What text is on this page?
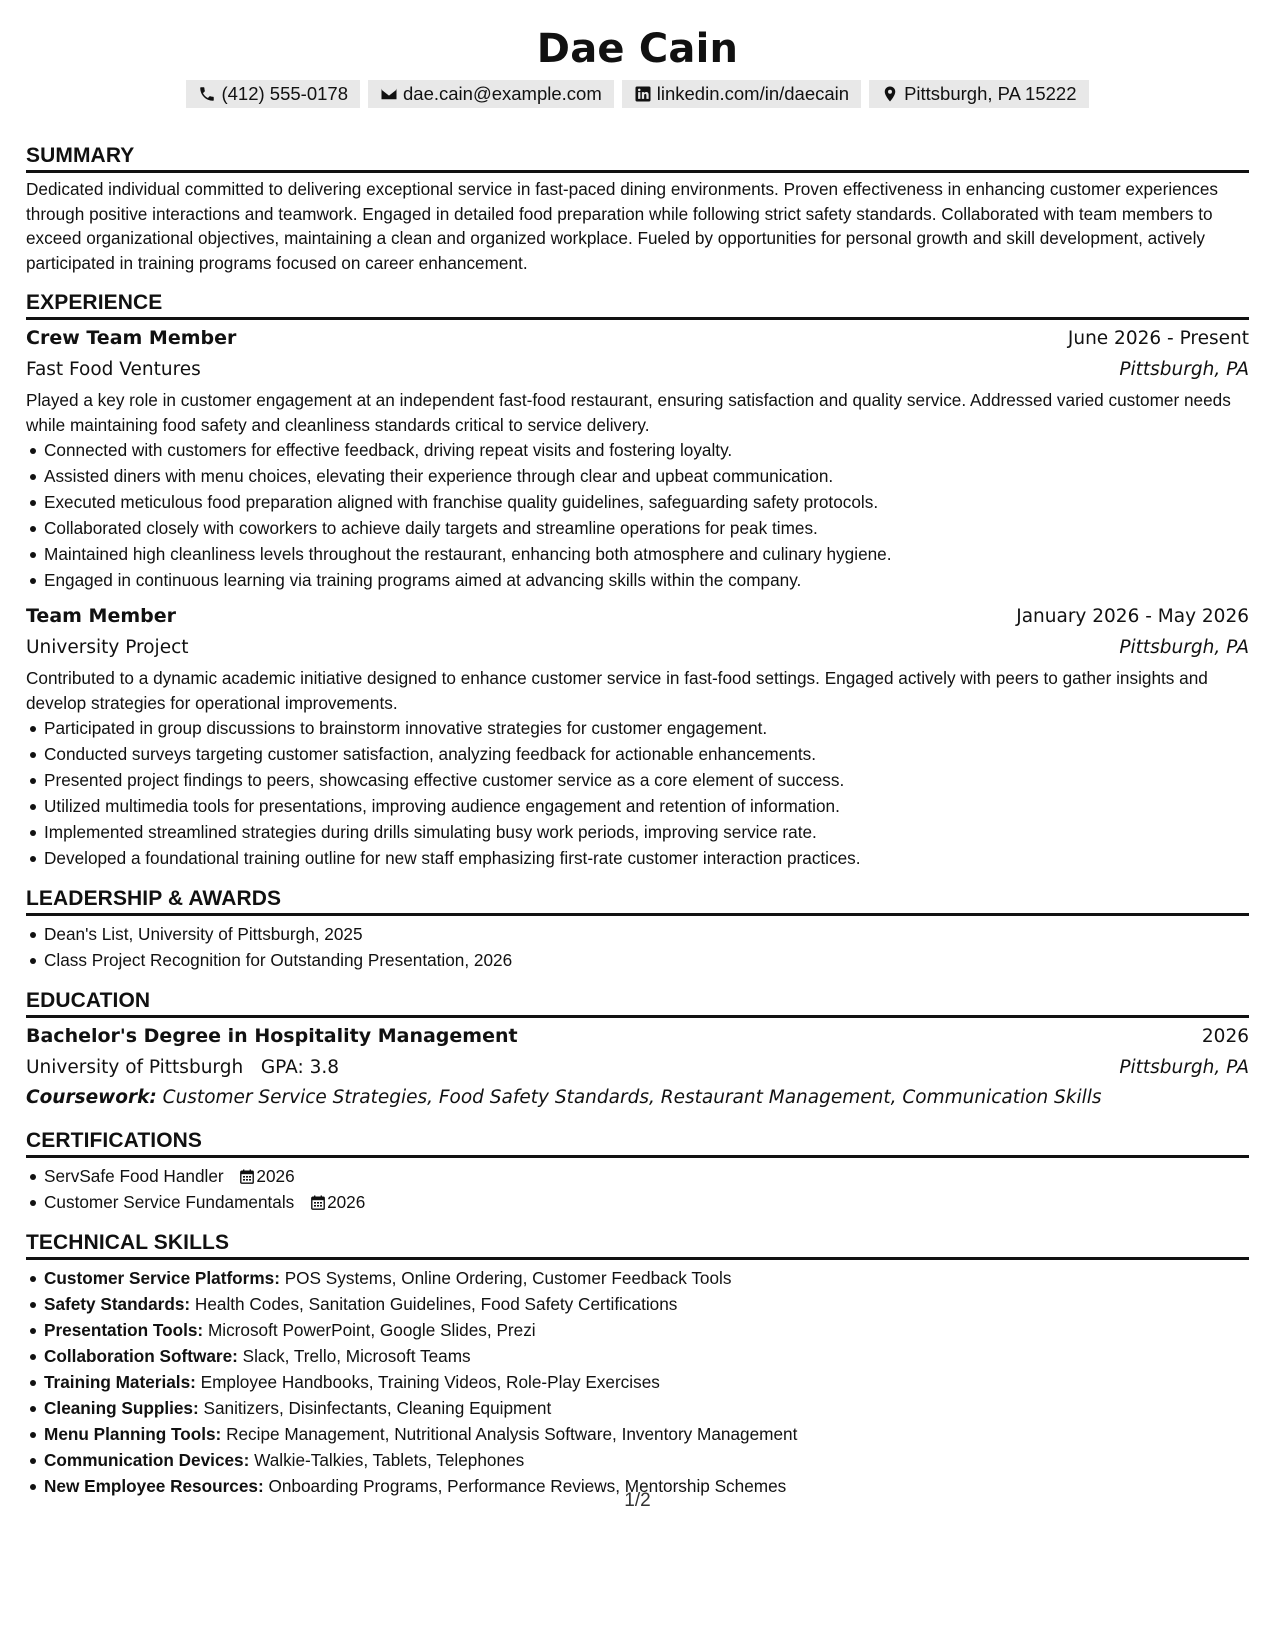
Dae Cain
(412) 555-0178	dae.cain@example.com	linkedin.com/in/daecain	Pittsburgh, PA 15222
SUMMARY

Dedicated individual committed to delivering exceptional service in fast-paced dining environments. Proven effectiveness in enhancing customer experiences through positive interactions and teamwork. Engaged in detailed food preparation while following strict safety standards. Collaborated with team members to exceed organizational objectives, maintaining a clean and organized workplace. Fueled by opportunities for personal growth and skill development, actively participated in training programs focused on career enhancement.

EXPERIENCE
Crew Team Member	June 2026 - Present
Fast Food Ventures	Pittsburgh, PA

Played a key role in customer engagement at an independent fast-food restaurant, ensuring satisfaction and quality service. Addressed varied customer needs while maintaining food safety and cleanliness standards critical to service delivery.

Connected with customers for effective feedback, driving repeat visits and fostering loyalty.
Assisted diners with menu choices, elevating their experience through clear and upbeat communication.
Executed meticulous food preparation aligned with franchise quality guidelines, safeguarding safety protocols.
Collaborated closely with coworkers to achieve daily targets and streamline operations for peak times.
Maintained high cleanliness levels throughout the restaurant, enhancing both atmosphere and culinary hygiene.
Engaged in continuous learning via training programs aimed at advancing skills within the company.
Team Member	January 2026 - May 2026
University Project	Pittsburgh, PA

Contributed to a dynamic academic initiative designed to enhance customer service in fast-food settings. Engaged actively with peers to gather insights and develop strategies for operational improvements.

Participated in group discussions to brainstorm innovative strategies for customer engagement.
Conducted surveys targeting customer satisfaction, analyzing feedback for actionable enhancements.
Presented project findings to peers, showcasing effective customer service as a core element of success.
Utilized multimedia tools for presentations, improving audience engagement and retention of information.
Implemented streamlined strategies during drills simulating busy work periods, improving service rate.
Developed a foundational training outline for new staff emphasizing first-rate customer interaction practices.
LEADERSHIP & AWARDS
Dean's List, University of Pittsburgh, 2025
Class Project Recognition for Outstanding Presentation, 2026
EDUCATION
Bachelor's Degree in Hospitality Management	2026
University of Pittsburgh GPA: 3.8	Pittsburgh, PA
Coursework: Customer Service Strategies, Food Safety Standards, Restaurant Management, Communication Skills
CERTIFICATIONS
ServSafe Food Handler 2026
Customer Service Fundamentals 2026
TECHNICAL SKILLS
Customer Service Platforms: POS Systems, Online Ordering, Customer Feedback Tools
Safety Standards: Health Codes, Sanitation Guidelines, Food Safety Certifications
Presentation Tools: Microsoft PowerPoint, Google Slides, Prezi
Collaboration Software: Slack, Trello, Microsoft Teams
Training Materials: Employee Handbooks, Training Videos, Role-Play Exercises
Cleaning Supplies: Sanitizers, Disinfectants, Cleaning Equipment
Menu Planning Tools: Recipe Management, Nutritional Analysis Software, Inventory Management
Communication Devices: Walkie-Talkies, Tablets, Telephones
New Employee Resources: Onboarding Programs, Performance Reviews, Mentorship Schemes
1/2
